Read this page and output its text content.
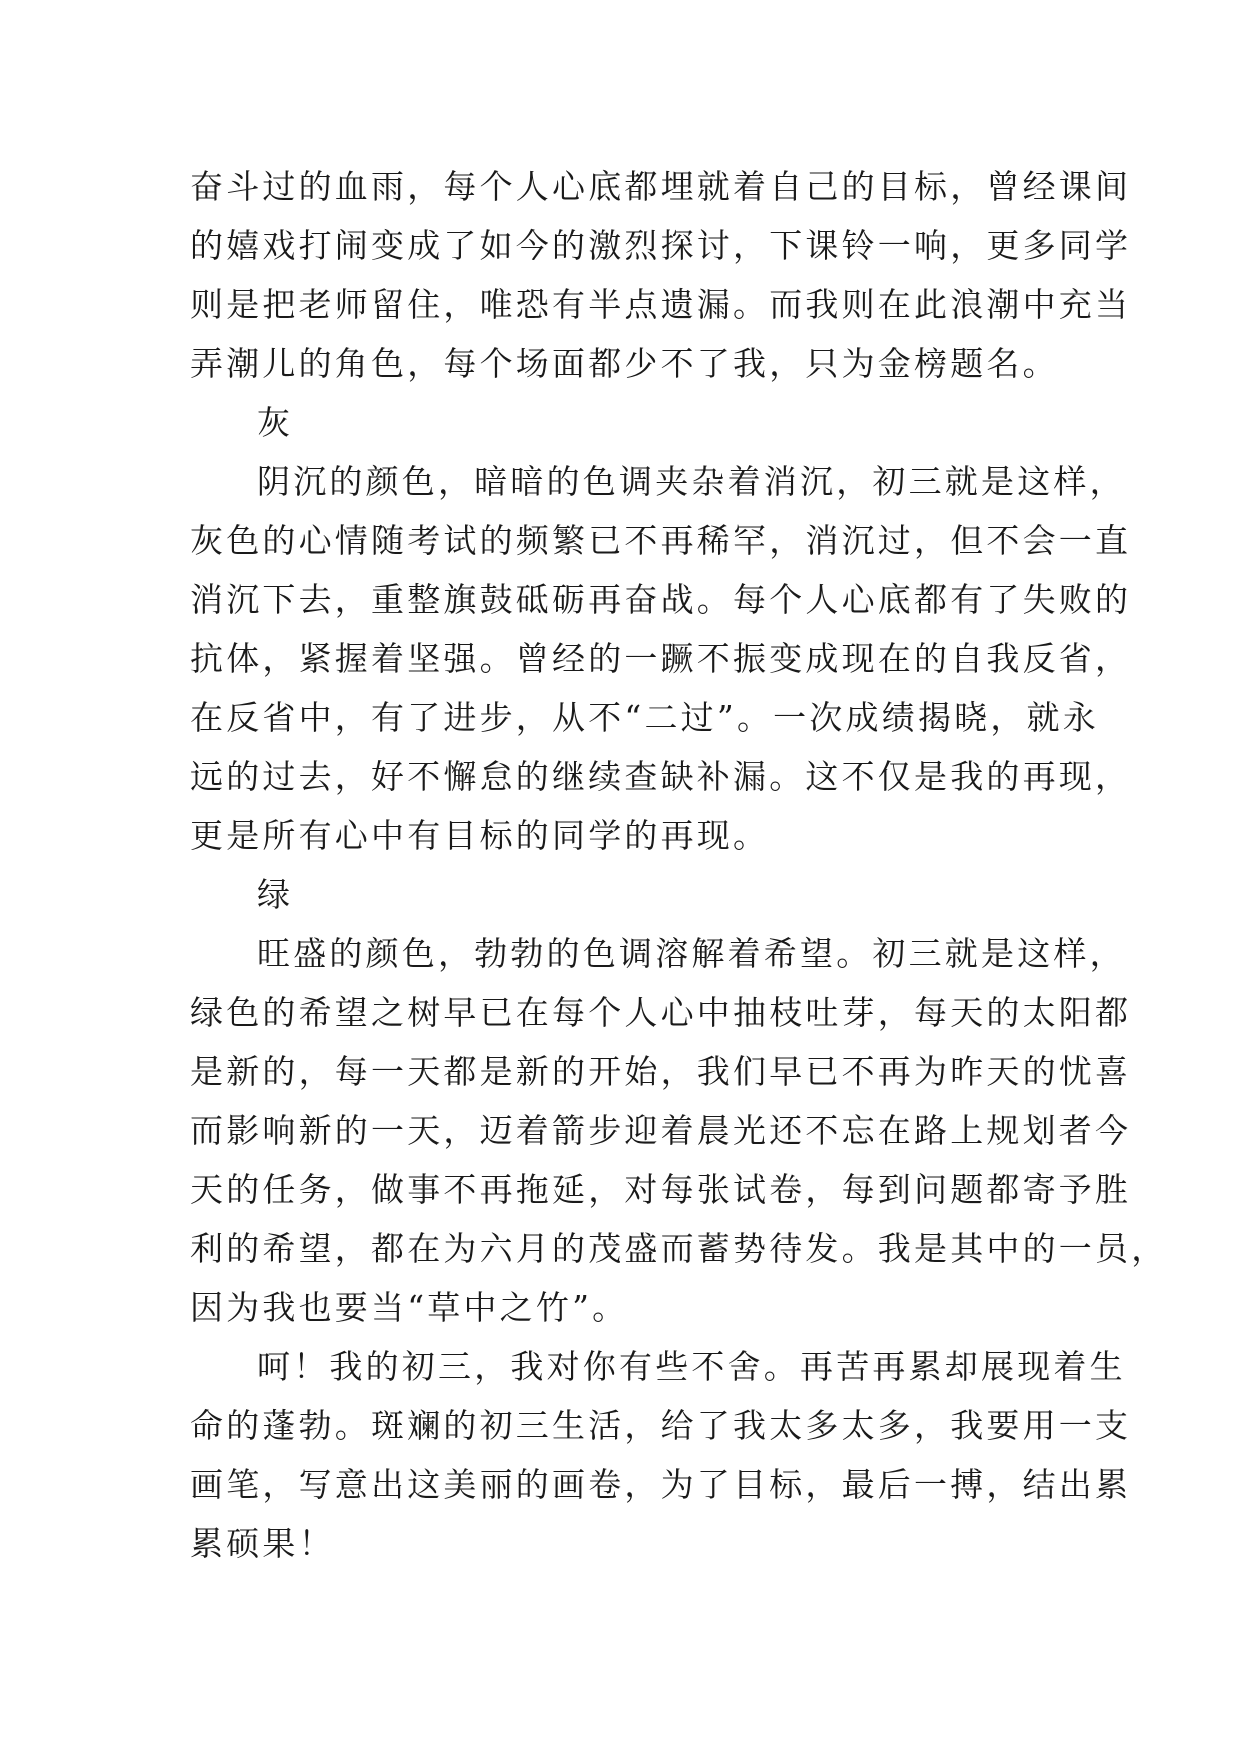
奋斗过的血雨，每个人心底都埋就着自己的目标，曾经课间
的嬉戏打闹变成了如今的激烈探讨，下课铃一响，更多同学
则是把老师留住，唯恐有半点遗漏。而我则在此浪潮中充当
弄潮儿的角色，每个场面都少不了我，只为金榜题名。
灰
阴沉的颜色，暗暗的色调夹杂着消沉，初三就是这样，
灰色的心情随考试的频繁已不再稀罕，消沉过，但不会一直
消沉下去，重整旗鼓砥砺再奋战。每个人心底都有了失败的
抗体，紧握着坚强。曾经的一蹶不振变成现在的自我反省，
在反省中，有了进步，从不“二过”。一次成绩揭晓，就永
远的过去，好不懈怠的继续查缺补漏。这不仅是我的再现，
更是所有心中有目标的同学的再现。
绿
旺盛的颜色，勃勃的色调溶解着希望。初三就是这样，
绿色的希望之树早已在每个人心中抽枝吐芽，每天的太阳都
是新的，每一天都是新的开始，我们早已不再为昨天的忧喜
而影响新的一天，迈着箭步迎着晨光还不忘在路上规划者今
天的任务，做事不再拖延，对每张试卷，每到问题都寄予胜
利的希望，都在为六月的茂盛而蓄势待发。我是其中的一员，
因为我也要当“草中之竹”。
呵！我的初三，我对你有些不舍。再苦再累却展现着生
命的蓬勃。斑斓的初三生活，给了我太多太多，我要用一支
画笔，写意出这美丽的画卷，为了目标，最后一搏，结出累
累硕果！
